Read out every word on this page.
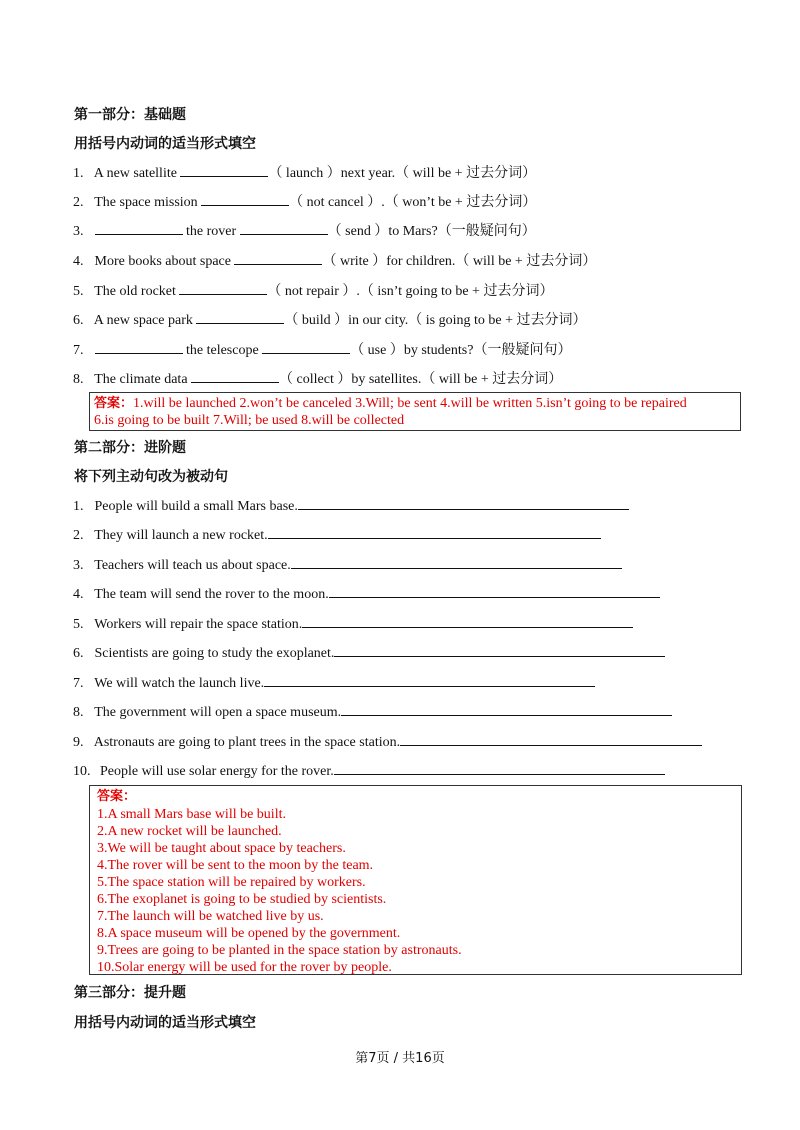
第一部分：基础题
用括号内动词的适当形式填空
1. A new satellite	（ launch ）next year.（ will be + 过去分词）
2. The space mission	（ not cancel ）.（ won’t be + 过去分词）
3.	the rover	（ send ）to Mars?（一般疑问句）
4. More books about space	（ write ）for children.（ will be + 过去分词）
5. The old rocket	（ not repair ）.（ isn’t going to be + 过去分词）
6. A new space park	（ build ）in our city.（ is going to be + 过去分词）
7.	the telescope	（ use ）by students?（一般疑问句）
8. The climate data	（ collect ）by satellites.（ will be + 过去分词）
答案：1.will be launched 2.won’t be canceled 3.Will; be sent 4.will be written 5.isn’t going to be repaired
6.is going to be built 7.Will; be used 8.will be collected
第二部分：进阶题
将下列主动句改为被动句
1. People will build a small Mars base.
2. They will launch a new rocket.
3. Teachers will teach us about space.
4. The team will send the rover to the moon.
5. Workers will repair the space station.
6. Scientists are going to study the exoplanet.
7. We will watch the launch live.
8. The government will open a space museum.
9. Astronauts are going to plant trees in the space station.
10. People will use solar energy for the rover.
答案：
1.A small Mars base will be built.
2.A new rocket will be launched.
3.We will be taught about space by teachers.
4.The rover will be sent to the moon by the team.
5.The space station will be repaired by workers.
6.The exoplanet is going to be studied by scientists.
7.The launch will be watched live by us.
8.A space museum will be opened by the government.
9.Trees are going to be planted in the space station by astronauts.
10.Solar energy will be used for the rover by people.
第三部分：提升题
用括号内动词的适当形式填空
第7页 / 共16页
